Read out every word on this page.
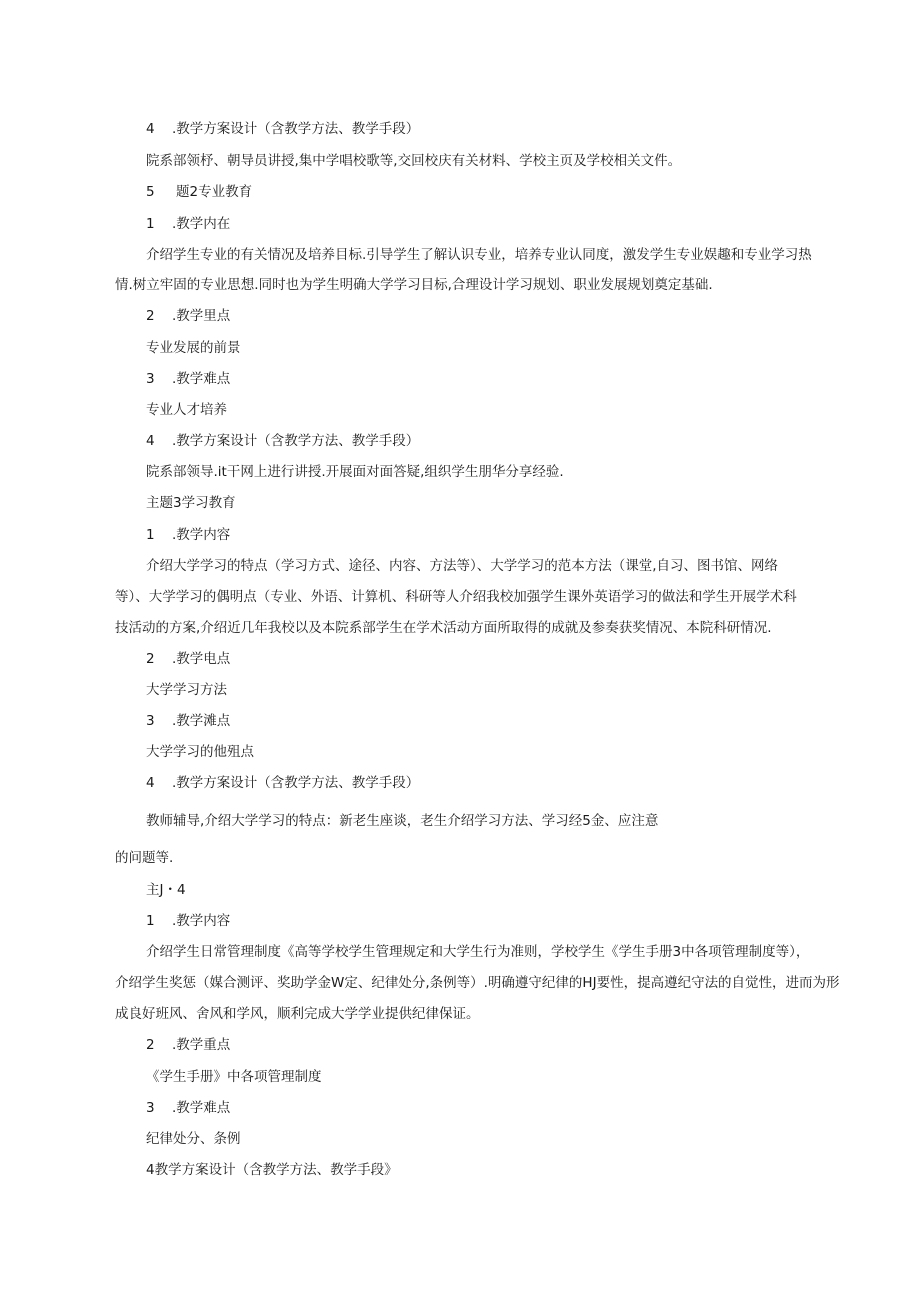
4 .教学方案设计（含教学方法、教学手段）

院系部领杼、朝导员讲授,集中学唱校歌等,交回校庆有关材料、学校主页及学校相关文件。

5 题2专业教育

1 .教学内在

介绍学生专业的有关情况及培养目标.引导学生了解认识专业，培养专业认同度，激发学生专业娱趣和专业学习热

情.树立牢固的专业思想.同时也为学生明确大学学习目标,合理设计学习规划、职业发展规划奠定基础.

2 .教学里点

专业发展的前景

3 .教学难点

专业人才培养

4 .教学方案设计（含教学方法、教学手段）

院系部领导.it干网上进行讲授.开展面对面答疑,组织学生朋华分享经验.

主题3学习教育

1 .教学内容

介绍大学学习的特点（学习方式、途径、内容、方法等）、大学学习的范本方法（课堂,自习、图书馆、网络

等）、大学学习的偶明点（专业、外语、计算机、科研等人介绍我校加强学生课外英语学习的做法和学生开展学术科

技活动的方案,介绍近几年我校以及本院系部学生在学术活动方面所取得的成就及参奏获奖情况、本院科研情况.

2 .教学电点

大学学习方法

3 .教学滩点

大学学习的他殂点

4 .教学方案设计（含教学方法、教学手段）

教师辅导,介绍大学学习的特点：新老生座谈，老生介绍学习方法、学习经5金、应注意

的问题等.

主J・4

1 .教学内容

介绍学生日常管理制度《高等学校学生管理规定和大学生行为准则，学校学生《学生手册3中各项管理制度等），

介绍学生奖惩（媒合测评、奖助学金W定、纪律处分,条例等）.明确遵守纪律的HJ要性，提高遵纪守法的自觉性，进而为形

成良好班风、舍风和学风，顺利完成大学学业提供纪律保证。

2 .教学重点

《学生手册》中各项管理制度

3 .教学难点

纪律处分、条例

4教学方案设计（含教学方法、教学手段》
